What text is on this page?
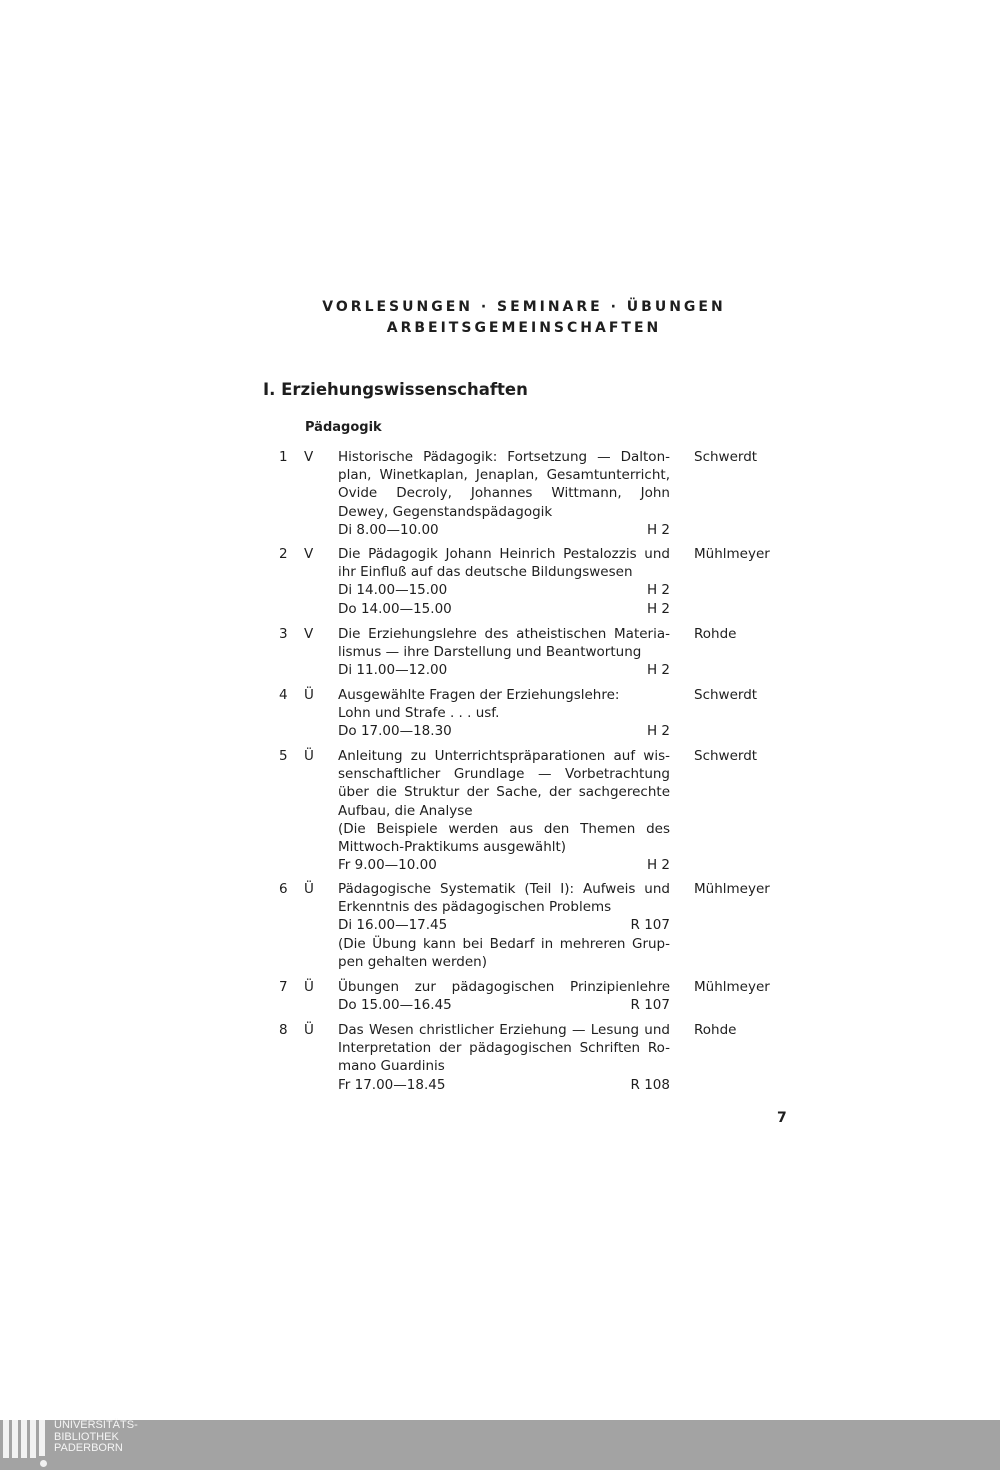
VORLESUNGEN · SEMINARE · ÜBUNGEN
ARBEITSGEMEINSCHAFTEN
I. Erziehungswissenschaften
Pädagogik
1 V Historische Pädagogik: Fortsetzung — Dalton-
plan, Winetkaplan, Jenaplan, Gesamtunterricht,
Ovide Decroly, Johannes Wittmann, John
Dewey, Gegenstandspädagogik
Di 8.00—10.00	H 2
Schwerdt
2 V Die Pädagogik Johann Heinrich Pestalozzis und
ihr Einfluß auf das deutsche Bildungswesen
Di 14.00—15.00	H 2
Do 14.00—15.00	H 2
Mühlmeyer
3 V Die Erziehungslehre des atheistischen Materia-
lismus — ihre Darstellung und Beantwortung
Di 11.00—12.00	H 2
Rohde
4 Ü Ausgewählte Fragen der Erziehungslehre:
Lohn und Strafe . . . usf.
Do 17.00—18.30	H 2
Schwerdt
5 Ü Anleitung zu Unterrichtspräparationen auf wis-
senschaftlicher Grundlage — Vorbetrachtung
über die Struktur der Sache, der sachgerechte
Aufbau, die Analyse
(Die Beispiele werden aus den Themen des
Mittwoch-Praktikums ausgewählt)
Fr 9.00—10.00	H 2
Schwerdt
6 Ü Pädagogische Systematik (Teil I): Aufweis und
Erkenntnis des pädagogischen Problems
Di 16.00—17.45	R 107
(Die Übung kann bei Bedarf in mehreren Grup-
pen gehalten werden)
Mühlmeyer
7 Ü Übungen zur pädagogischen Prinzipienlehre
Do 15.00—16.45	R 107
Mühlmeyer
8 Ü Das Wesen christlicher Erziehung — Lesung und
Interpretation der pädagogischen Schriften Ro-
mano Guardinis
Fr 17.00—18.45	R 108
Rohde
7
UNIVERSITÄTS-
BIBLIOTHEK
PADERBORN
